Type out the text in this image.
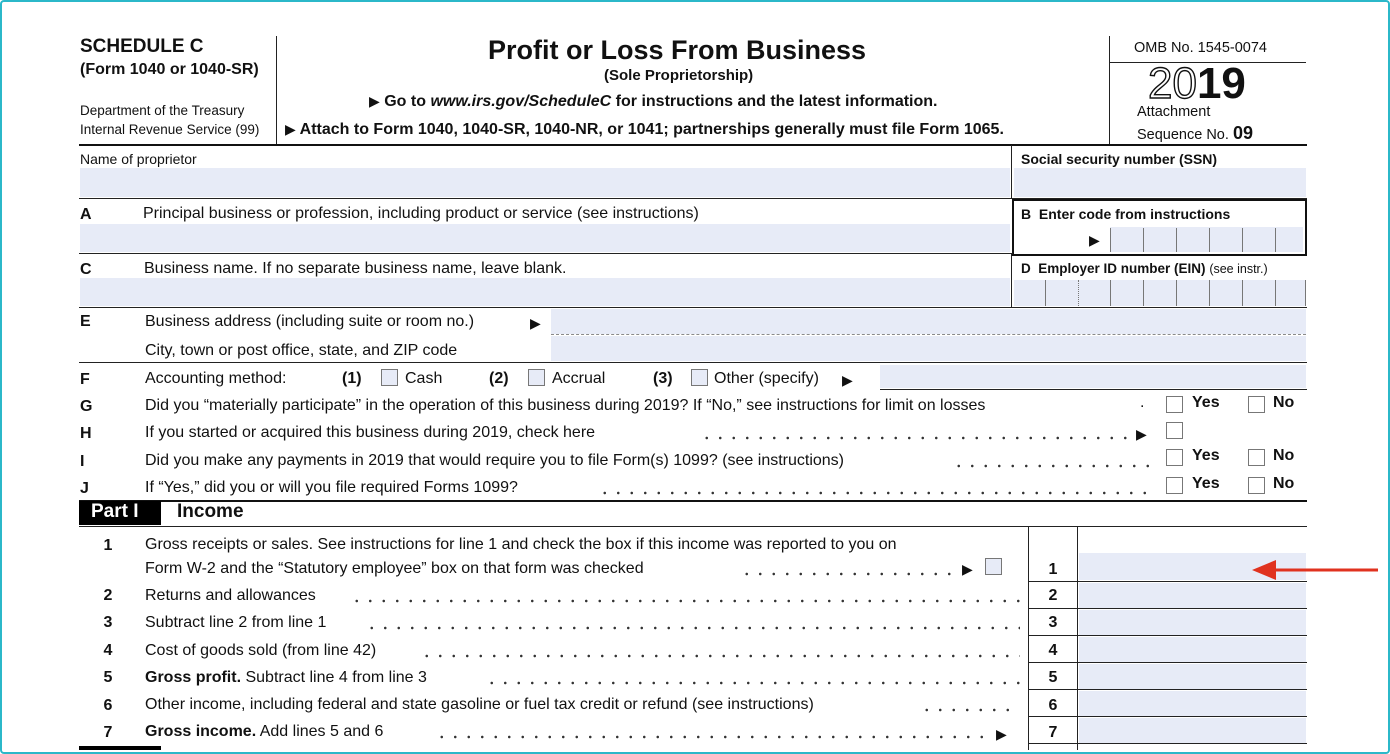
SCHEDULE C
(Form 1040 or 1040-SR)
Department of the Treasury
Internal Revenue Service (99)
Profit or Loss From Business
(Sole Proprietorship)
▶ Go to www.irs.gov/ScheduleC for instructions and the latest information.
▶ Attach to Form 1040, 1040-SR, 1040-NR, or 1041; partnerships generally must file Form 1065.
OMB No. 1545-0074
2019
Attachment
Sequence No. 09
Name of proprietor	Social security number (SSN)
A	Principal business or profession, including product or service (see instructions)	B Enter code from instructions
▶
C	Business name. If no separate business name, leave blank.	D Employer ID number (EIN) (see instr.)
E	Business address (including suite or room no.)	▶
City, town or post office, state, and ZIP code
F	Accounting method:	(1)	Cash	(2)	Accrual	(3)	Other (specify) ▶
G	Did you “materially participate” in the operation of this business during 2019? If “No,” see instructions for limit on losses	.	Yes	No
H	If you started or acquired this business during 2019, check here	▶
I	Did you make any payments in 2019 that would require you to file Form(s) 1099? (see instructions)	Yes	No
J	If “Yes,” did you or will you file required Forms 1099?	Yes	No
Part I Income
1	Gross receipts or sales. See instructions for line 1 and check the box if this income was reported to you on
Form W-2 and the “Statutory employee” box on that form was checked	▶	1
2	Returns and allowances	2
3	Subtract line 2 from line 1	3
4	Cost of goods sold (from line 42)	4
5	Gross profit. Subtract line 4 from line 3	5
6	Other income, including federal and state gasoline or fuel tax credit or refund (see instructions)	6
7	Gross income. Add lines 5 and 6	▶	7
